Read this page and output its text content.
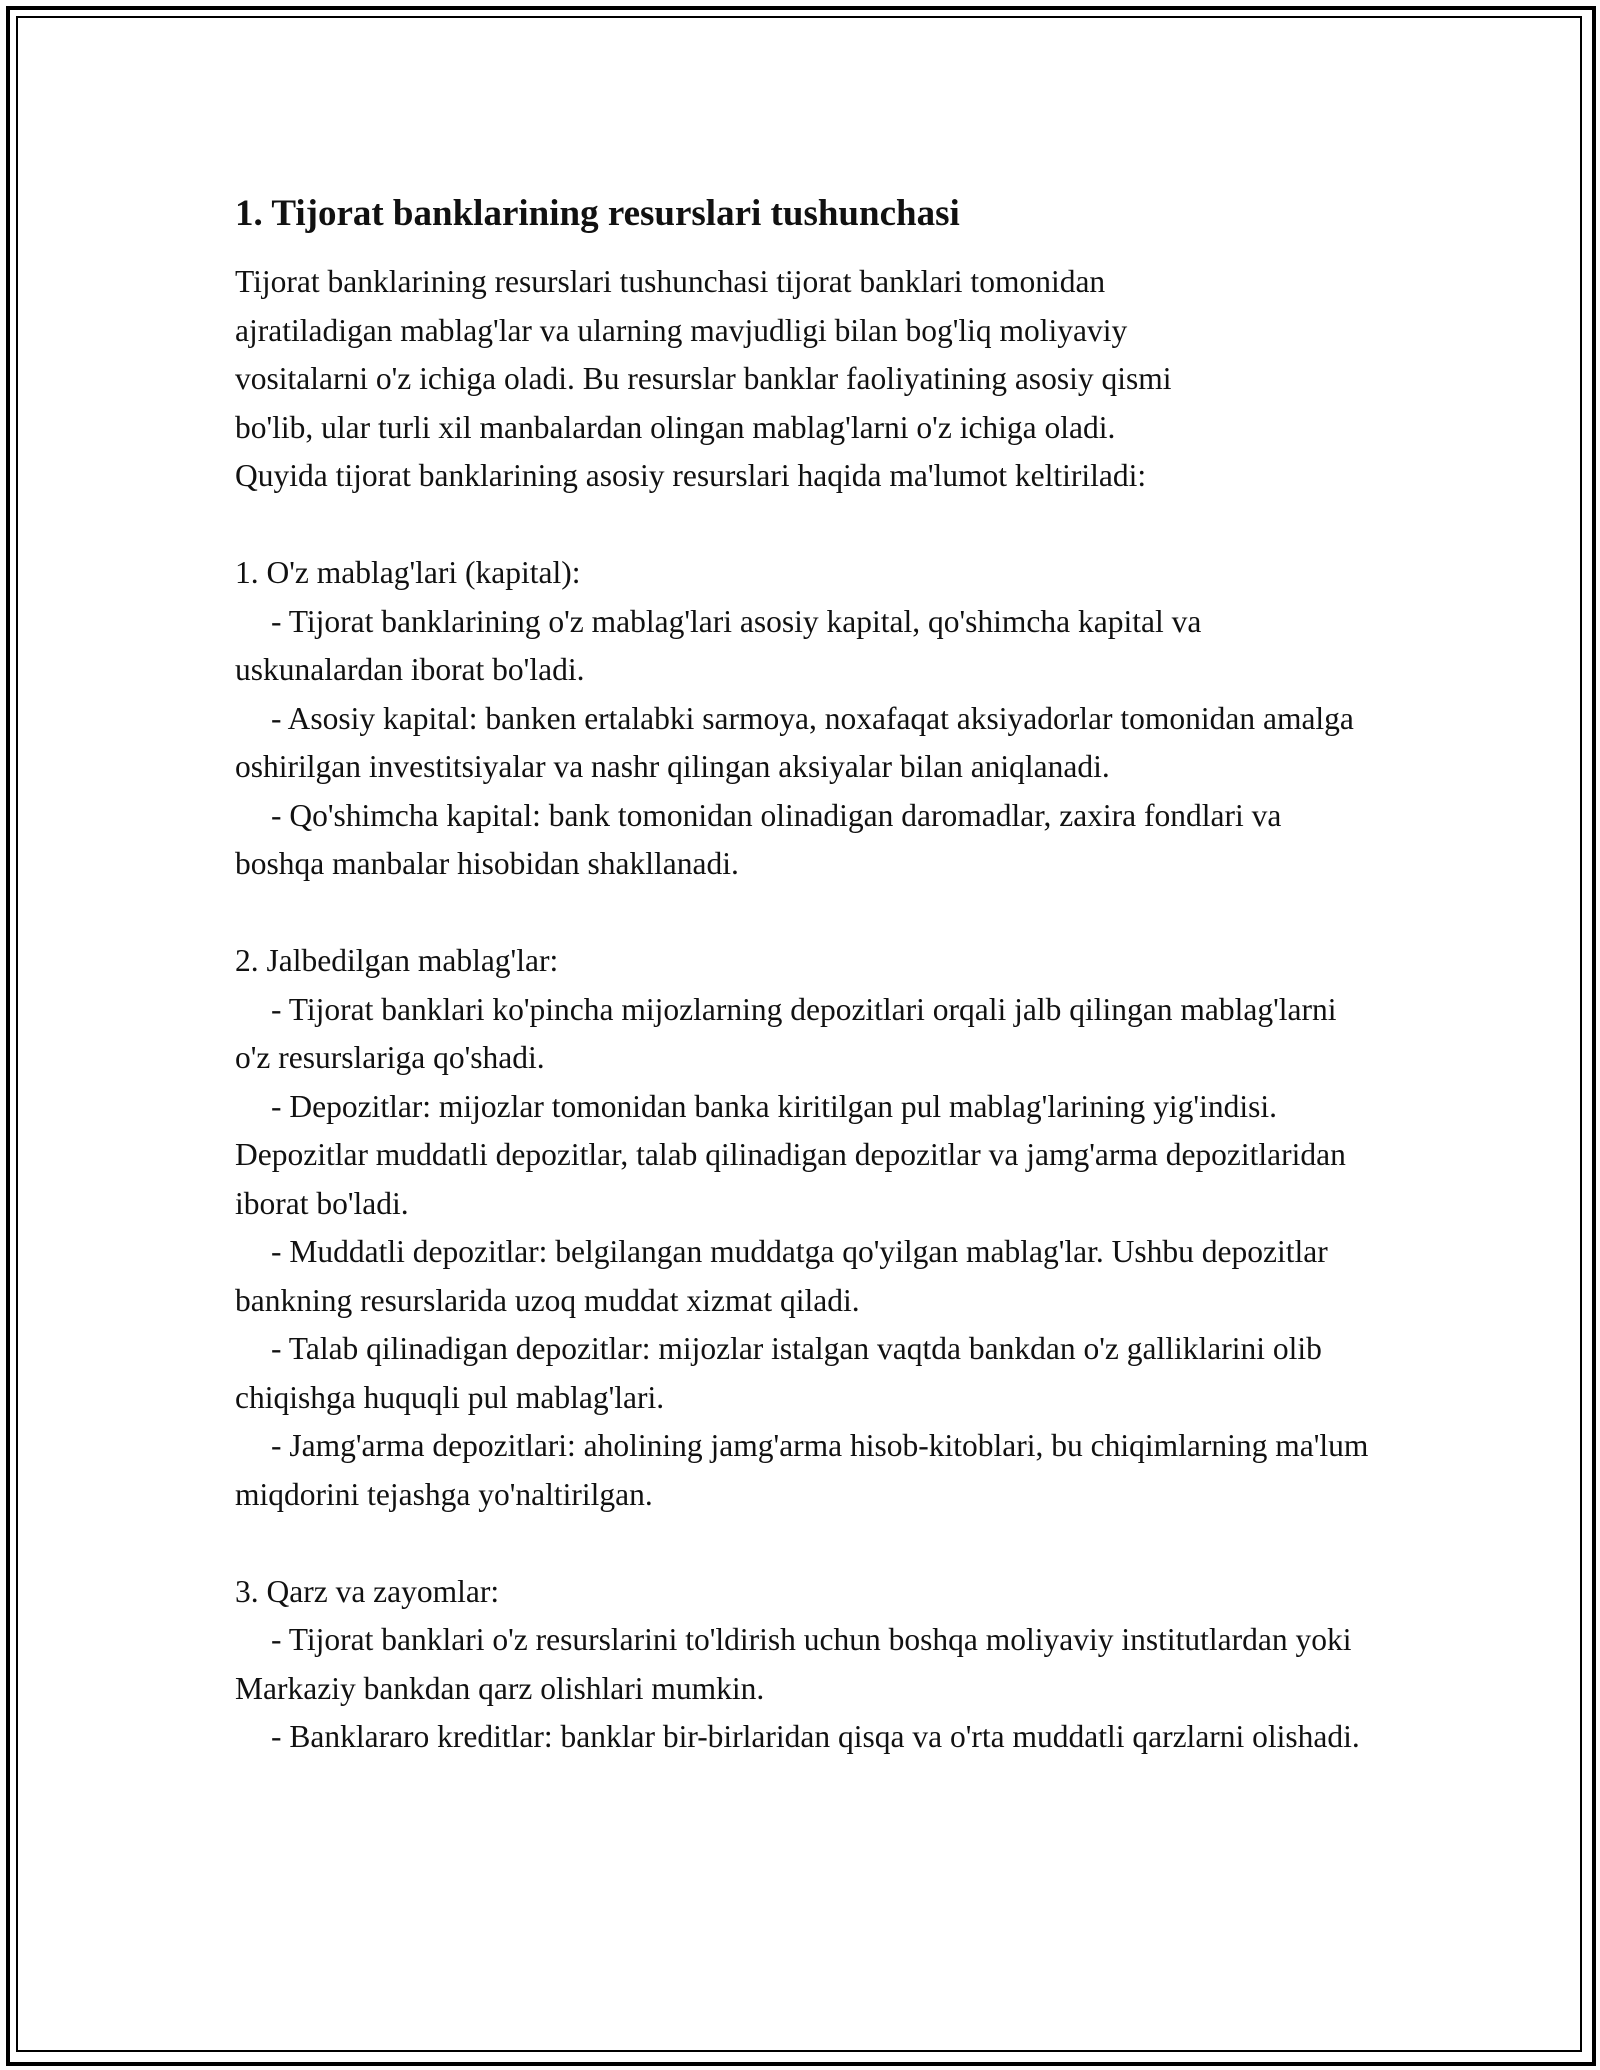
1. Tijorat banklarining resurslari tushunchasi
Tijorat banklarining resurslari tushunchasi tijorat banklari tomonidan
ajratiladigan mablag'lar va ularning mavjudligi bilan bog'liq moliyaviy
vositalarni o'z ichiga oladi. Bu resurslar banklar faoliyatining asosiy qismi
bo'lib, ular turli xil manbalardan olingan mablag'larni o'z ichiga oladi.
Quyida tijorat banklarining asosiy resurslari haqida ma'lumot keltiriladi:
1. O'z mablag'lari (kapital):
- Tijorat banklarining o'z mablag'lari asosiy kapital, qo'shimcha kapital va uskunalardan iborat bo'ladi.
- Asosiy kapital: banken ertalabki sarmoya, noxafaqat aksiyadorlar tomonidan amalga oshirilgan investitsiyalar va nashr qilingan aksiyalar bilan aniqlanadi.
- Qo'shimcha kapital: bank tomonidan olinadigan daromadlar, zaxira fondlari va boshqa manbalar hisobidan shakllanadi.
2. Jalbedilgan mablag'lar:
- Tijorat banklari ko'pincha mijozlarning depozitlari orqali jalb qilingan mablag'larni o'z resurslariga qo'shadi.
- Depozitlar: mijozlar tomonidan banka kiritilgan pul mablag'larining yig'indisi. Depozitlar muddatli depozitlar, talab qilinadigan depozitlar va jamg'arma depozitlaridan iborat bo'ladi.
- Muddatli depozitlar: belgilangan muddatga qo'yilgan mablag'lar. Ushbu depozitlar bankning resurslarida uzoq muddat xizmat qiladi.
- Talab qilinadigan depozitlar: mijozlar istalgan vaqtda bankdan o'z galliklarini olib chiqishga huquqli pul mablag'lari.
- Jamg'arma depozitlari: aholining jamg'arma hisob-kitoblari, bu chiqimlarning ma'lum miqdorini tejashga yo'naltirilgan.
3. Qarz va zayomlar:
- Tijorat banklari o'z resurslarini to'ldirish uchun boshqa moliyaviy institutlardan yoki Markaziy bankdan qarz olishlari mumkin.
- Banklararo kreditlar: banklar bir-birlaridan qisqa va o'rta muddatli qarzlarni olishadi.
